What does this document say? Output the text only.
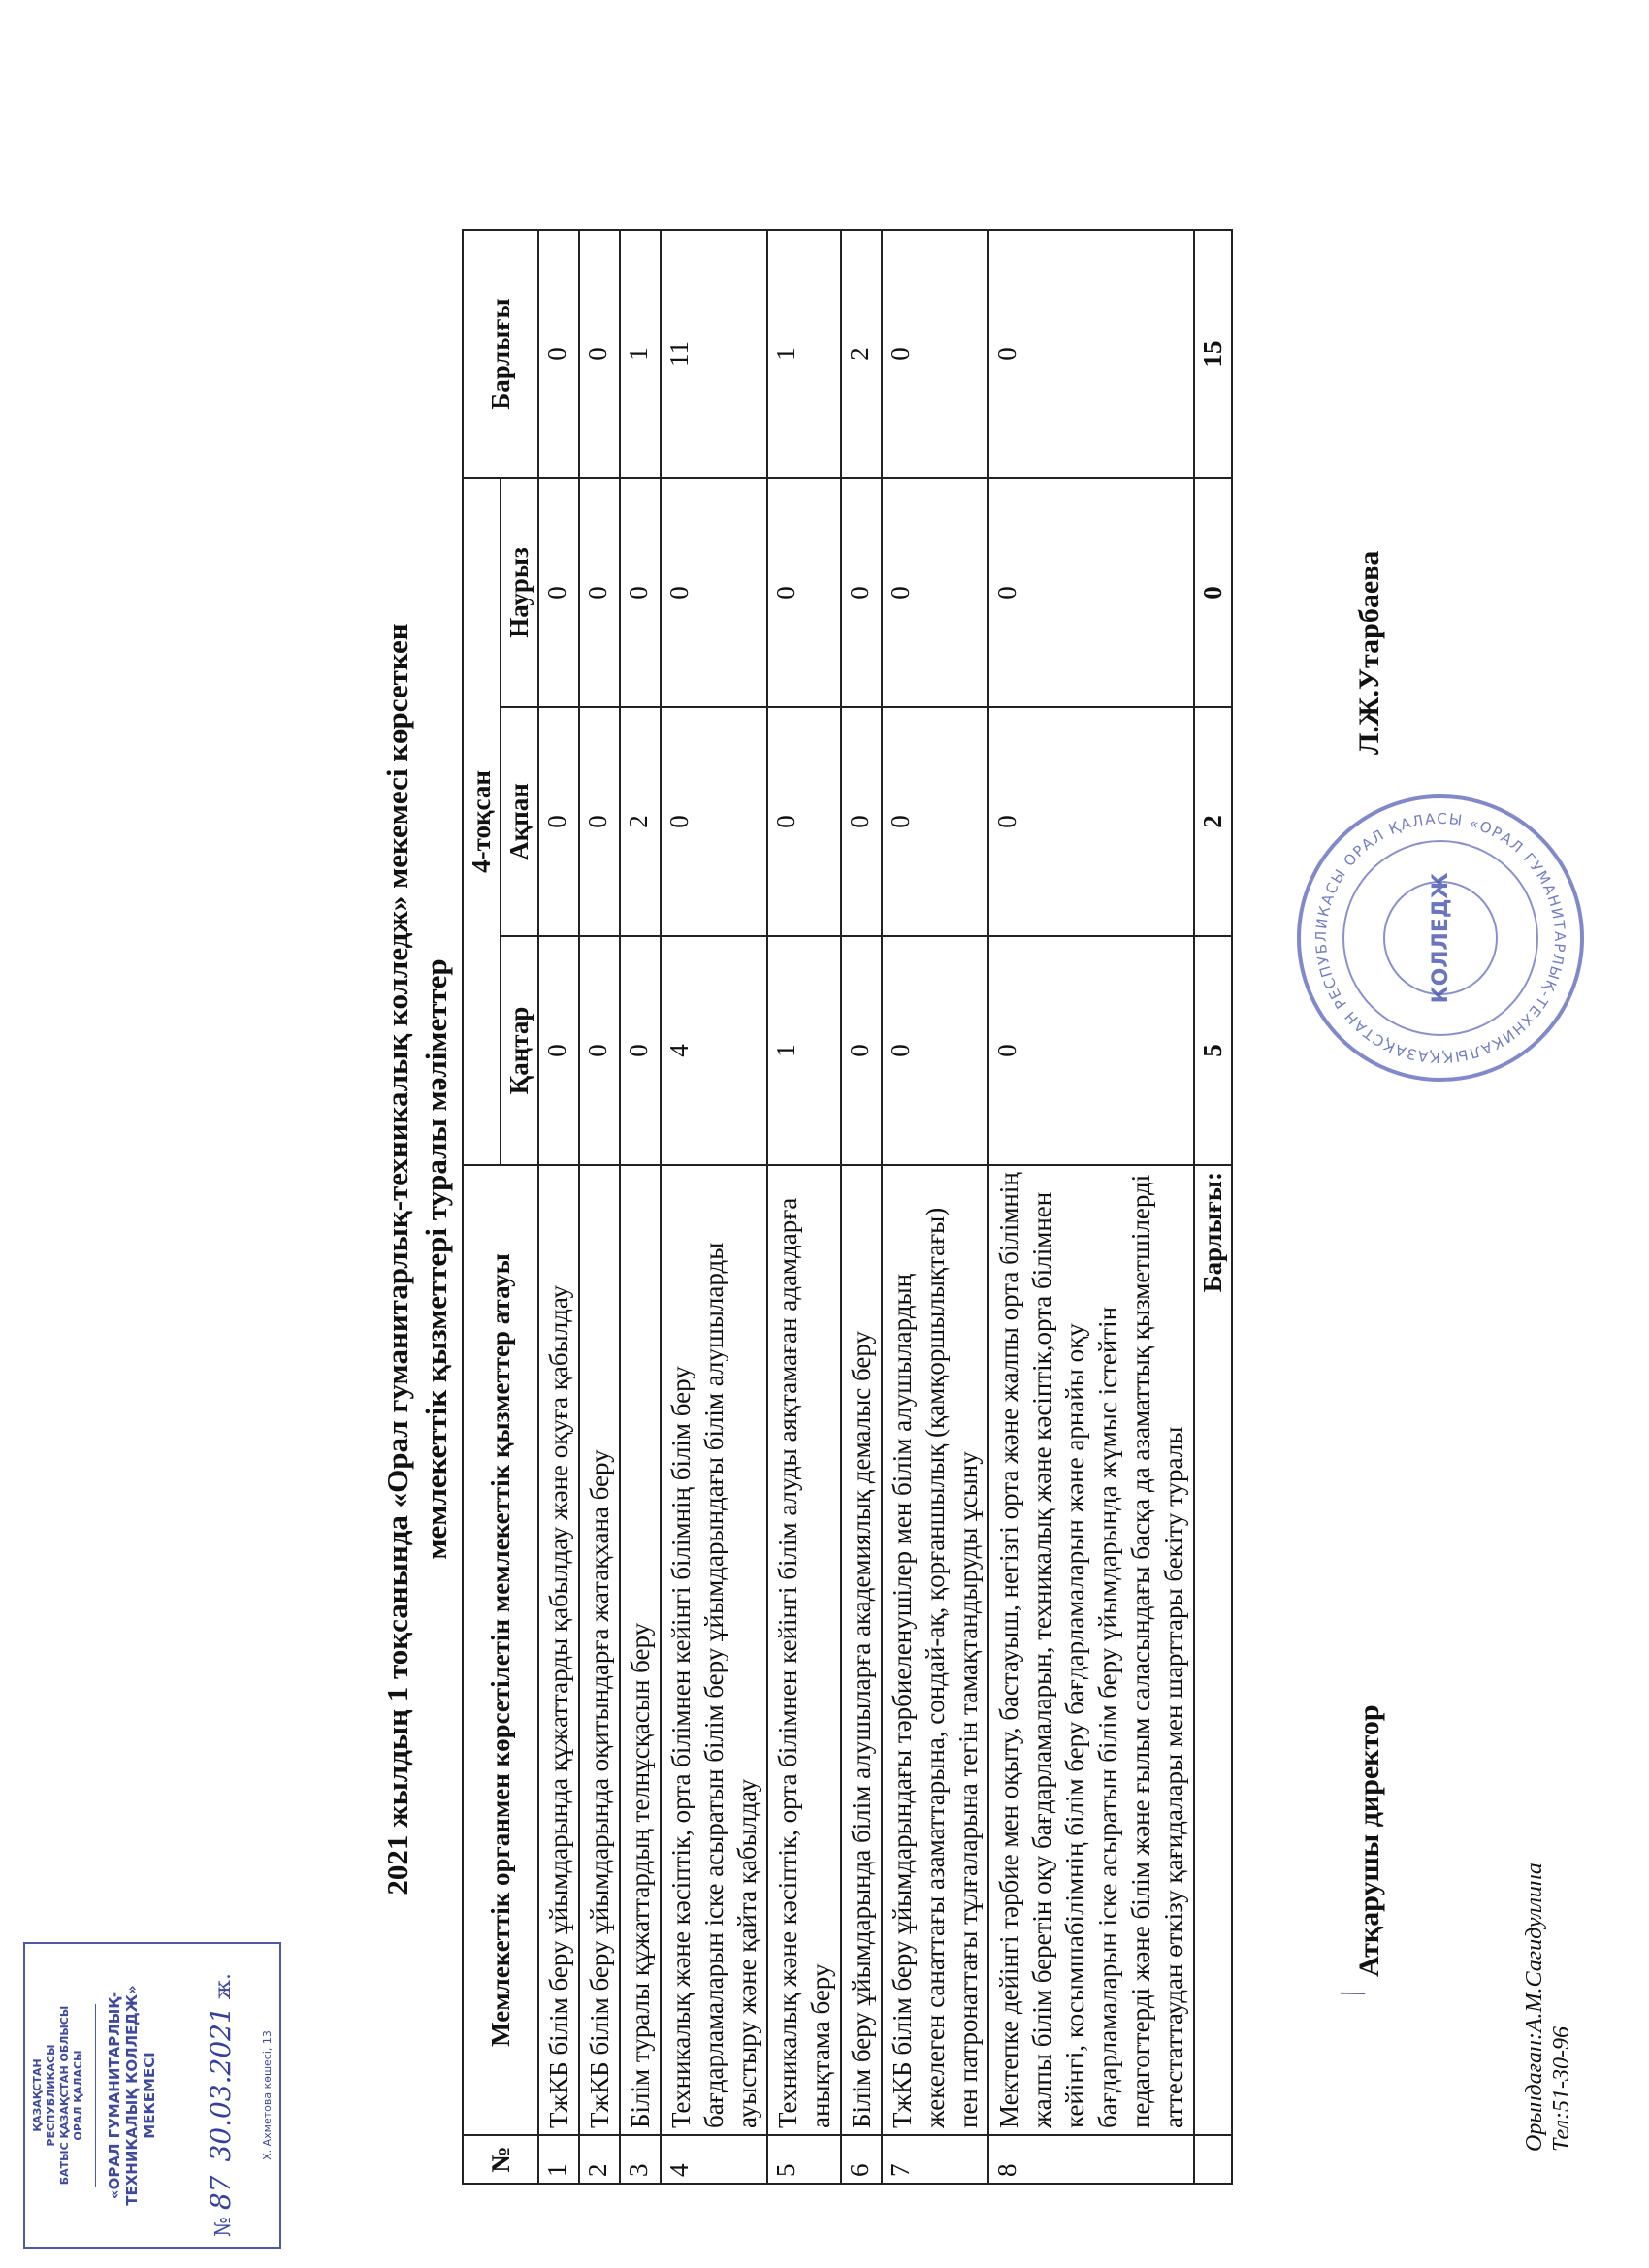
ҚАЗАҚСТАН РЕСПУБЛИКАСЫ БАТЫС ҚАЗАҚСТАН ОБЛЫСЫ ОРАЛ ҚАЛАСЫ «ОРАЛ ГУМАНИТАРЛЫҚ-ТЕХНИКАЛЫҚ КОЛЛЕДЖ» МЕКЕМЕСІ
№ 87  30.03.2021 ж.
Х. Ахметова көшесі, 13
2021 жылдың 1 тоқсанында «Орал гуманитарлық-техникалық колледж» мекемесі көрсеткен мемлекеттік қызметтері туралы мәліметтер
№	Мемлекеттік органмен көрсетілетін мемлекеттік қызметтер атауы	4-тоқсан			Барлығы
		Қаңтар	Ақпан	Наурыз	
1	ТжКБ білім беру ұйымдарында құжаттарды қабылдау және оқуға қабылдау	0	0	0	0
2	ТжКБ білім беру ұйымдарында оқитындарға жатақхана беру	0	0	0	0
3	Білім туралы құжаттардың телнұсқасын беру	0	2	0	1
4	Техникалық және кәсіптік, орта білімнен кейінгі білімнің білім беру бағдарламаларын іске асыратын білім беру ұйымдарындағы білім алушыларды ауыстыру және қайта қабылдау	4	0	0	11
5	Техникалық және кәсіптік, орта білімнен кейінгі білім алуды аяқтамаған адамдарға анықтама беру	1	0	0	1
6	Білім беру ұйымдарында білім алушыларға академиялық демалыс беру	0	0	0	2
7	ТжКБ білім беру ұйымдарындағы тәрбиеленушілер мен білім алушылардың жекелеген санаттағы азаматтарына, сондай-ақ, қорғаншылық (қамқоршылықтағы) пен патронаттағы тұлғаларына тегін тамақтандыруды ұсыну	0	0	0	0
8	Мектепке дейінгі тәрбие мен оқыту, бастауыш, негізгі орта және жалпы орта білімнің жалпы білім беретін оқу бағдарламаларын, техникалық және кәсіптік,орта білімнен кейінгі, косымшабілімнің білім беру бағдарламаларын және арнайы оқу бағдарламаларын іске асыратын білім беру ұйымдарында жұмыс істейтін педагогтерді және білім және ғылым саласындағы басқа да азаматтық қызметшілерді аттестаттаудан өткізу қағидалары мен шарттары бекіту туралы	0	0	0	0
	Барлығы:	5	2	0	15
/
Атқарушы директор
Л.Ж.Утарбаева
ҚАЗАҚСТАН РЕСПУБЛИКАСЫ ОРАЛ ҚАЛАСЫ «ОРАЛ ГУМАНИТАРЛЫҚ-ТЕХНИКАЛЫҚ
КОЛЛЕДЖ
Орындаған:А.М.Сагидуллина Тел:51-30-96
